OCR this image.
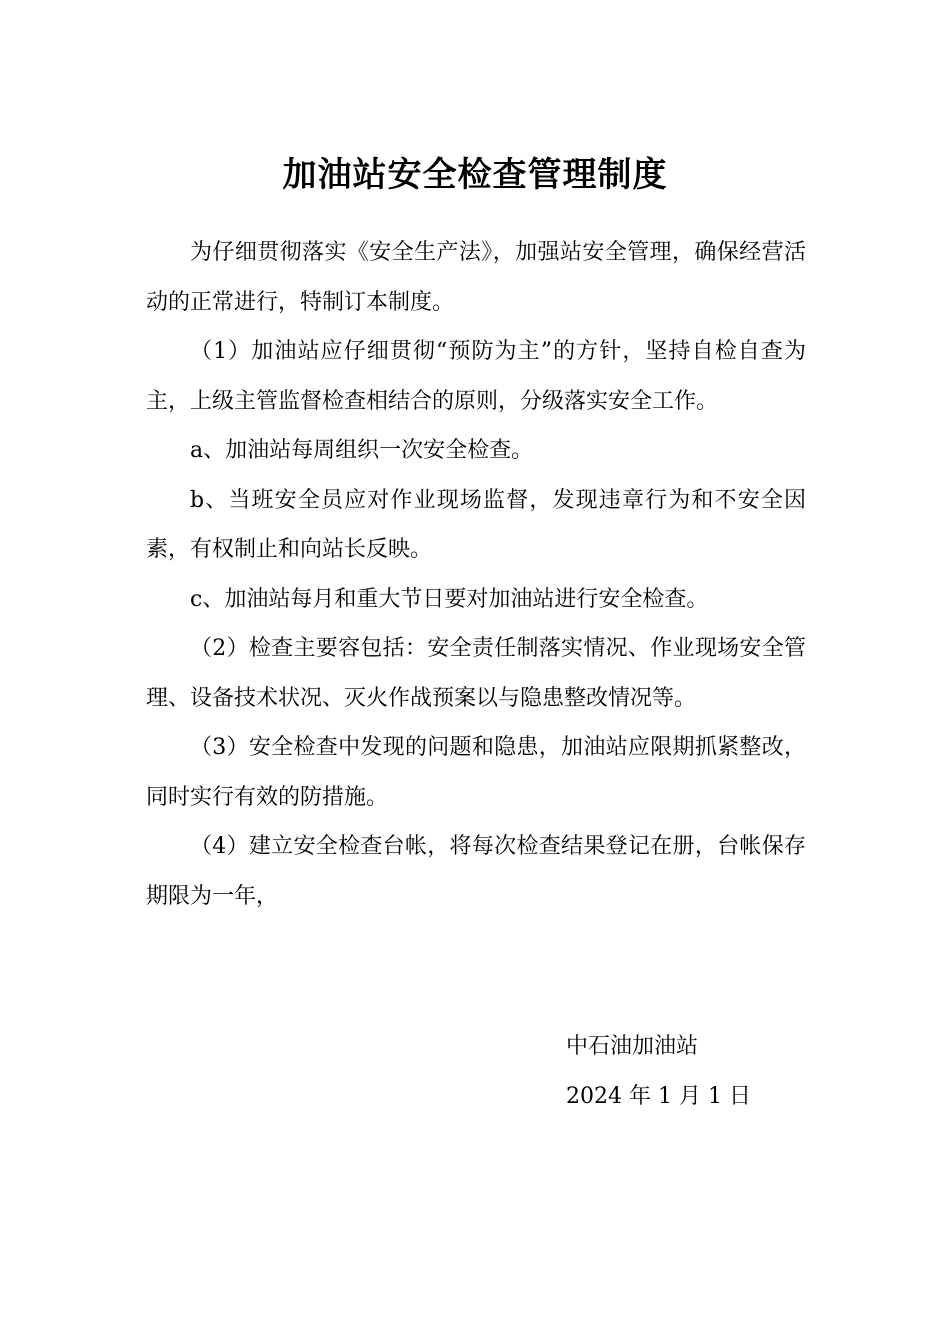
加油站安全检查管理制度

为仔细贯彻落实《安全生产法》，加强站安全管理，确保经营活动的正常进行，特制订本制度。

（1）加油站应仔细贯彻“预防为主”的方针，坚持自检自查为主，上级主管监督检查相结合的原则，分级落实安全工作。

a、加油站每周组织一次安全检查。

b、当班安全员应对作业现场监督，发现违章行为和不安全因素，有权制止和向站长反映。

c、加油站每月和重大节日要对加油站进行安全检查。

（2）检查主要容包括：安全责任制落实情况、作业现场安全管理、设备技术状况、灭火作战预案以与隐患整改情况等。

（3）安全检查中发现的问题和隐患，加油站应限期抓紧整改，同时实行有效的防措施。

（4）建立安全检查台帐，将每次检查结果登记在册，台帐保存期限为一年，

中石油加油站
2024 年 1 月 1 日
